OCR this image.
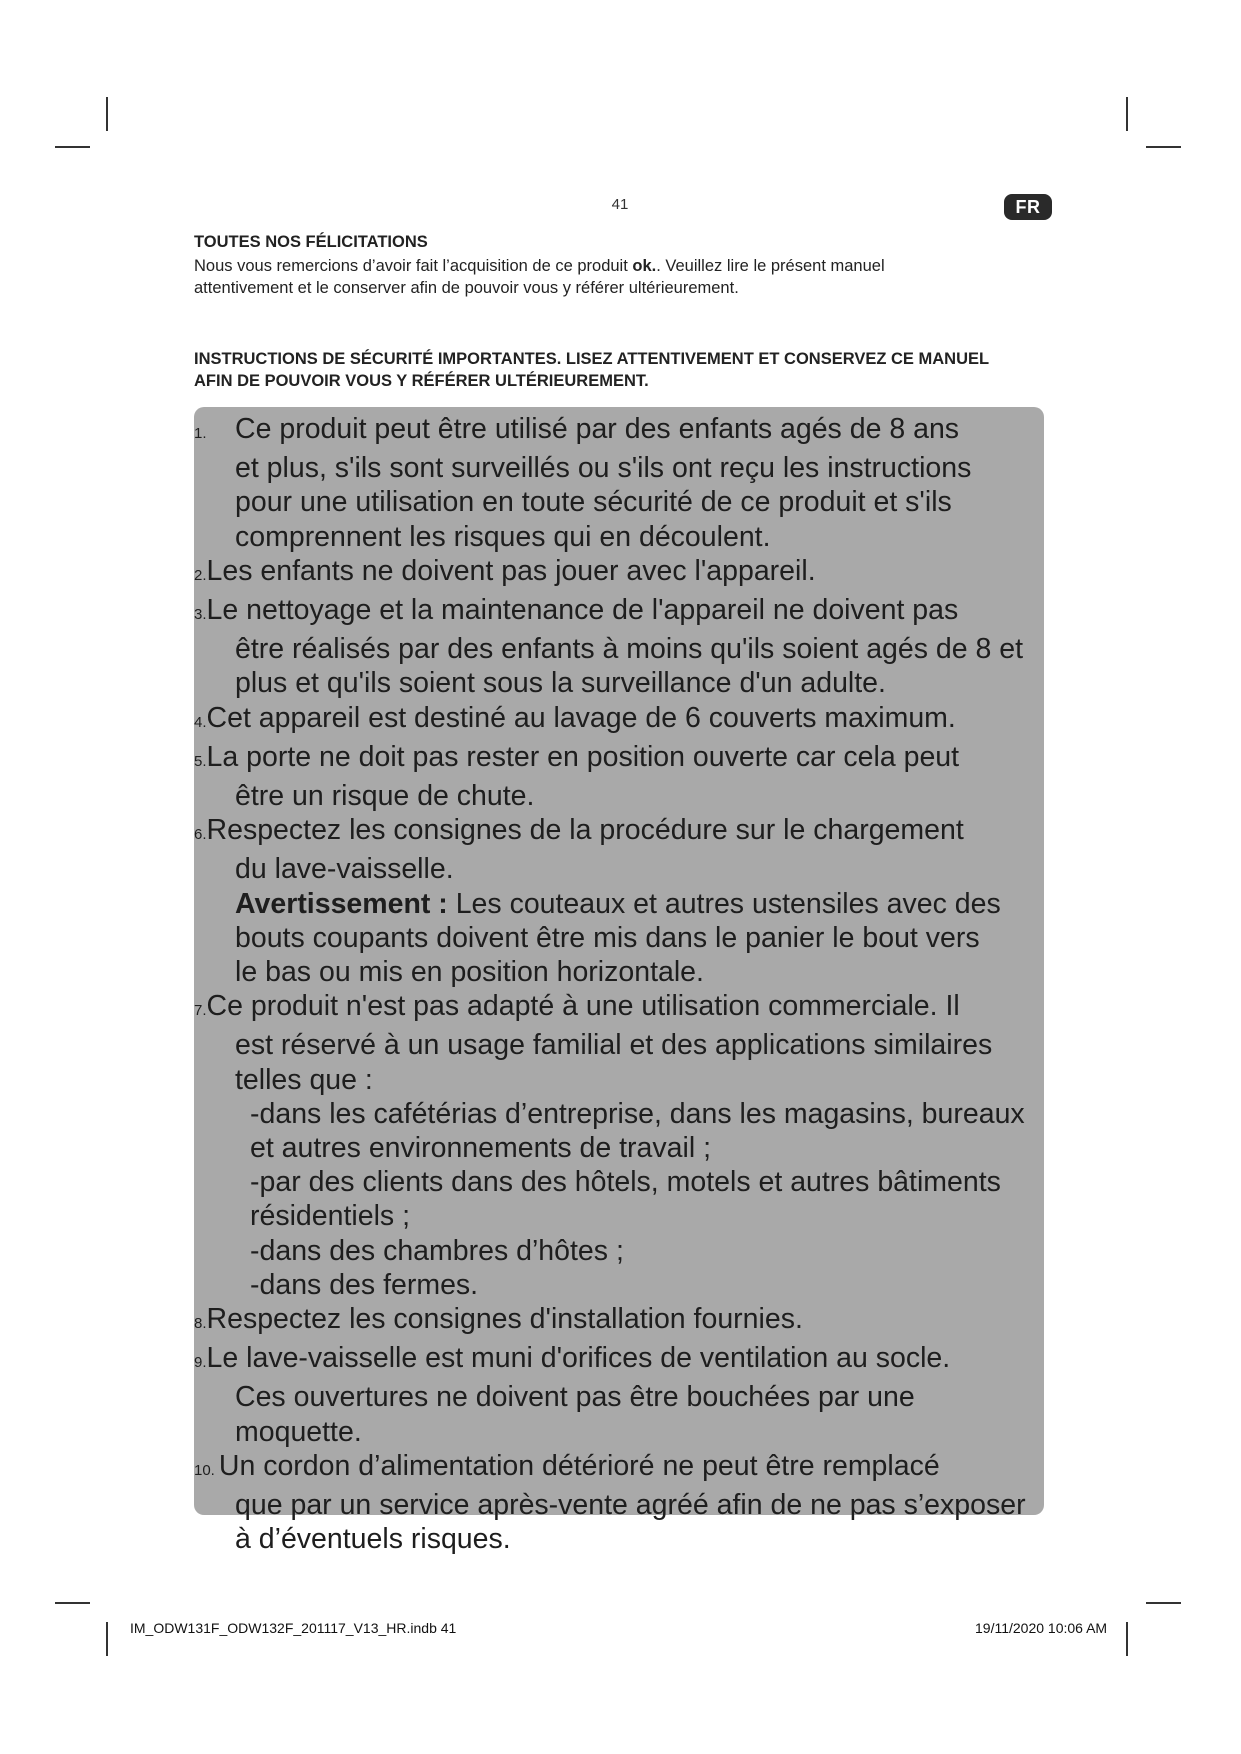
41	FR
TOUTES NOS FÉLICITATIONS
Nous vous remercions d’avoir fait l’acquisition de ce produit ok.. Veuillez lire le présent manuel attentivement et le conserver afin de pouvoir vous y référer ultérieurement.
INSTRUCTIONS DE SÉCURITÉ IMPORTANTES. LISEZ ATTENTIVEMENT ET CONSERVEZ CE MANUEL AFIN DE POUVOIR VOUS Y RÉFÉRER ULTÉRIEUREMENT.
1. Ce produit peut être utilisé par des enfants agés de 8 ans
et plus, s'ils sont surveillés ou s'ils ont reçu les instructions
pour une utilisation en toute sécurité de ce produit et s'ils
comprennent les risques qui en découlent.
2.Les enfants ne doivent pas jouer avec l'appareil.
3.Le nettoyage et la maintenance de l'appareil ne doivent pas
être réalisés par des enfants à moins qu'ils soient agés de 8 et
plus et qu'ils soient sous la surveillance d'un adulte.
4.Cet appareil est destiné au lavage de 6 couverts maximum.
5.La porte ne doit pas rester en position ouverte car cela peut
être un risque de chute.
6.Respectez les consignes de la procédure sur le chargement
du lave-vaisselle.
Avertissement : Les couteaux et autres ustensiles avec des
bouts coupants doivent être mis dans le panier le bout vers
le bas ou mis en position horizontale.
7.Ce produit n'est pas adapté à une utilisation commerciale. Il
est réservé à un usage familial et des applications similaires
telles que :
-dans les cafétérias d’entreprise, dans les magasins, bureaux
et autres environnements de travail ;
-par des clients dans des hôtels, motels et autres bâtiments
résidentiels ;
-dans des chambres d’hôtes ;
-dans des fermes.
8.Respectez les consignes d'installation fournies.
9.Le lave-vaisselle est muni d'orifices de ventilation au socle.
Ces ouvertures ne doivent pas être bouchées par une
moquette.
10. Un cordon d’alimentation détérioré ne peut être remplacé
que par un service après-vente agréé afin de ne pas s’exposer
à d’éventuels risques.
IM_ODW131F_ODW132F_201117_V13_HR.indb 41	19/11/2020 10:06 AM
